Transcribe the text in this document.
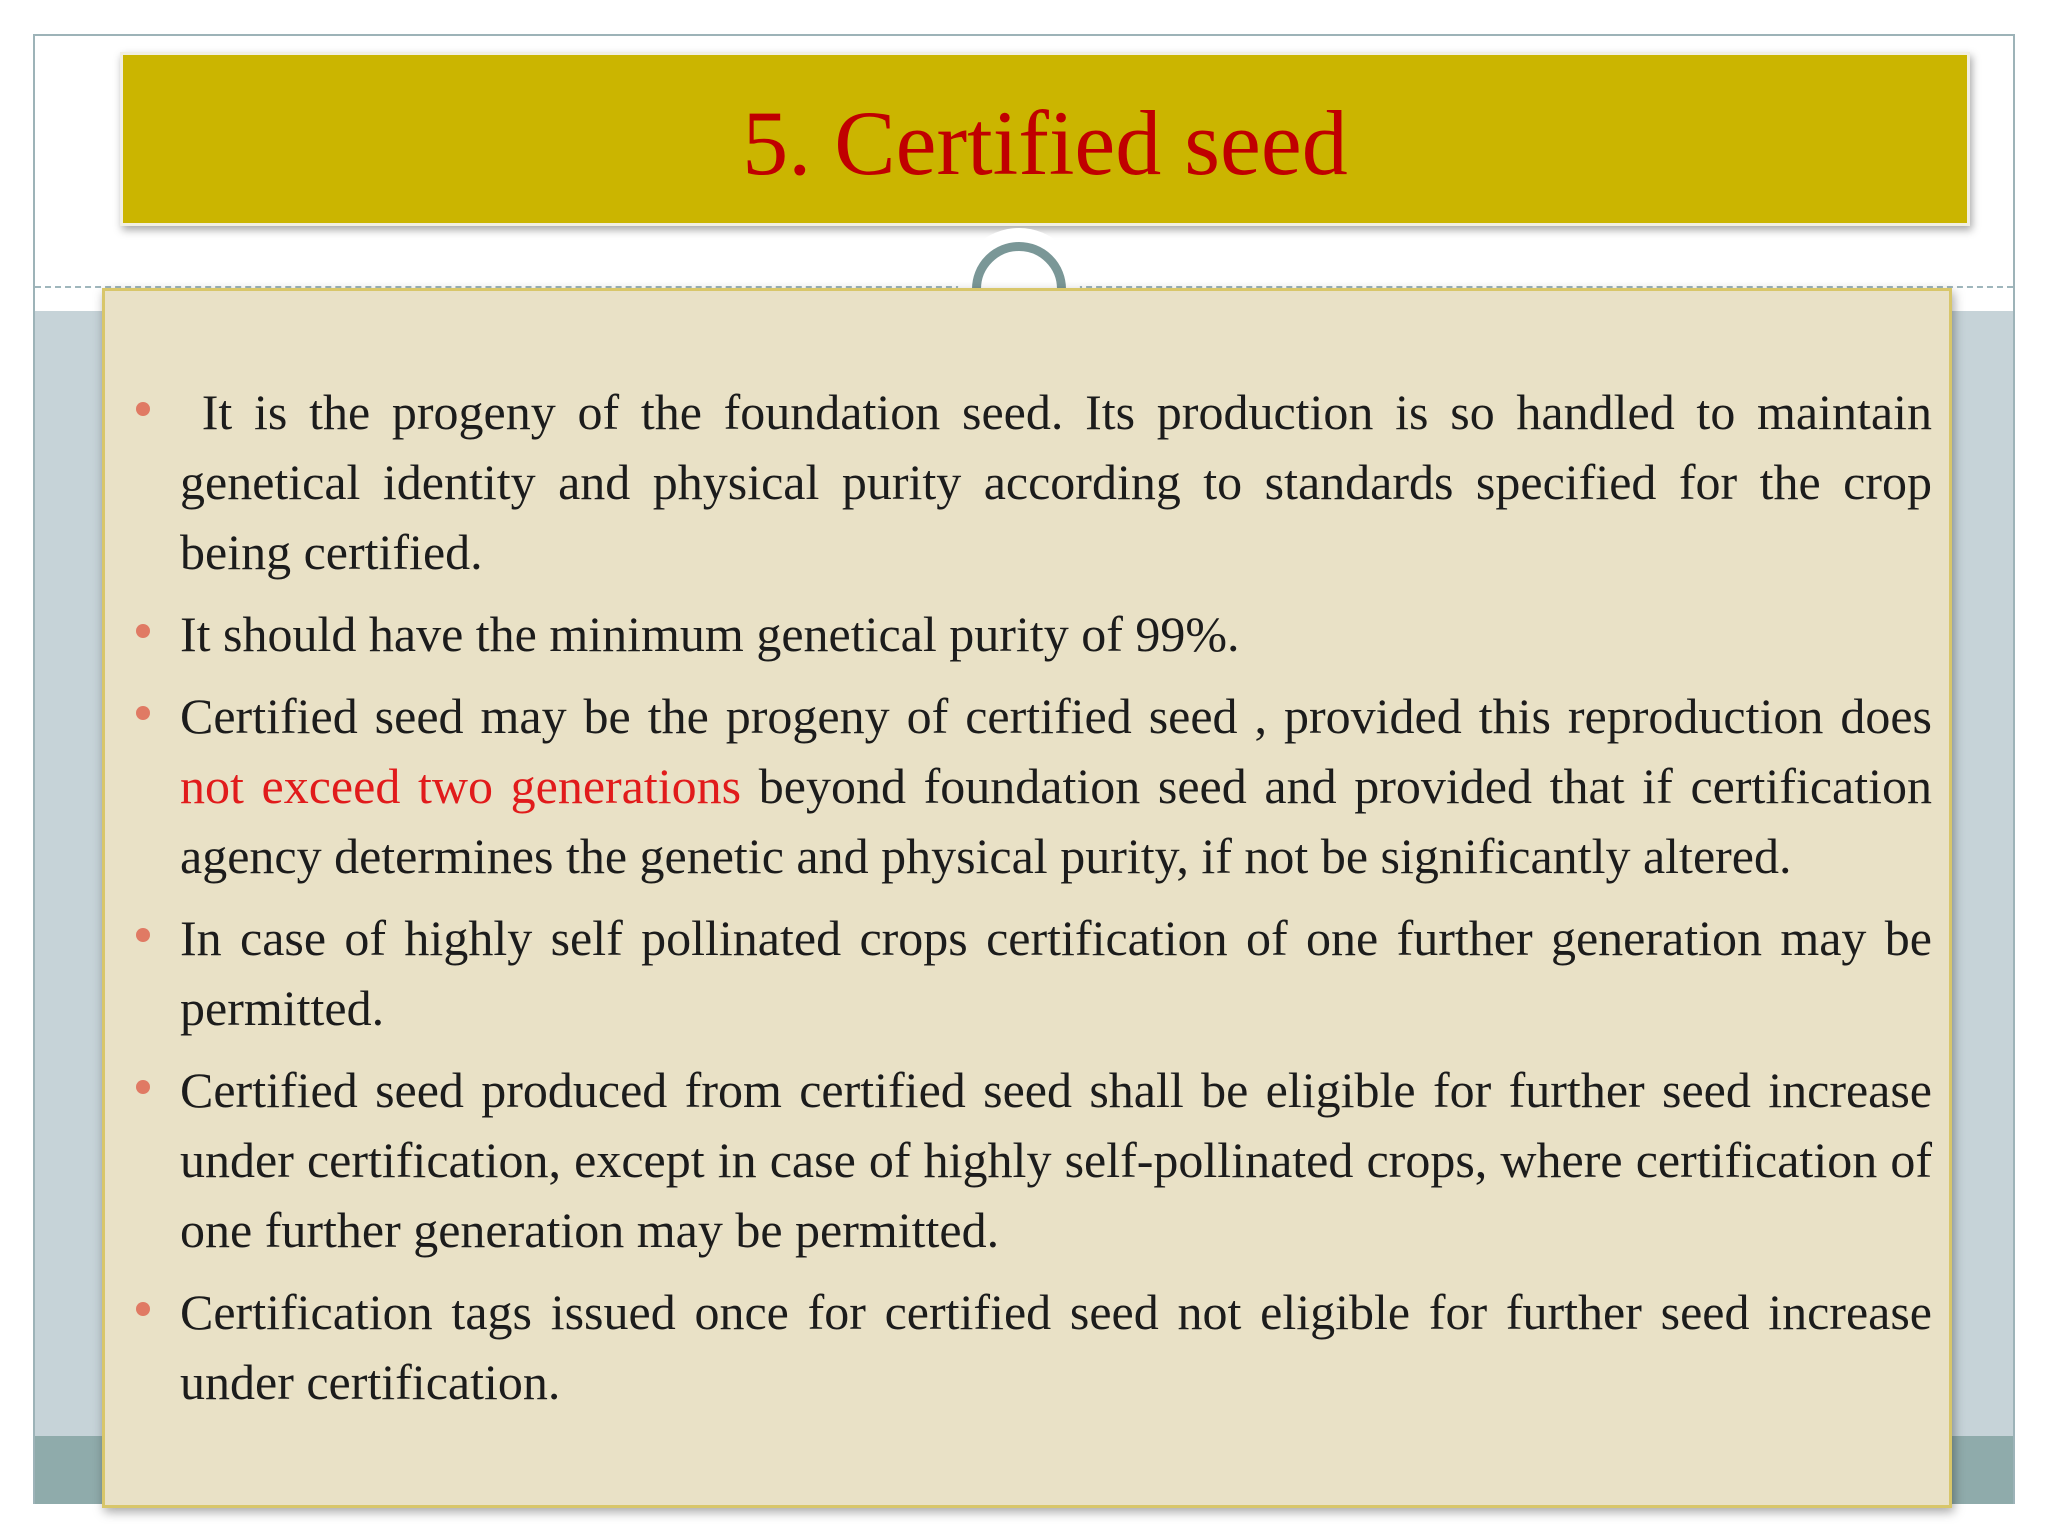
5. Certified seed
It is the progeny of the foundation seed. Its production is so handled to maintain genetical identity and physical purity according to standards specified for the crop being certified.
It should have the minimum genetical purity of 99%.
Certified seed may be the progeny of certified seed , provided this reproduction does not exceed two generations beyond foundation seed and provided that if certification agency determines the genetic and physical purity, if not be significantly altered.
In case of highly self pollinated crops certification of one further generation may be permitted.
Certified seed produced from certified seed shall be eligible for further seed increase under certification, except in case of highly self-pollinated crops, where certification of one further generation may be permitted.
Certification tags issued once for certified seed not eligible for further seed increase under certification.
